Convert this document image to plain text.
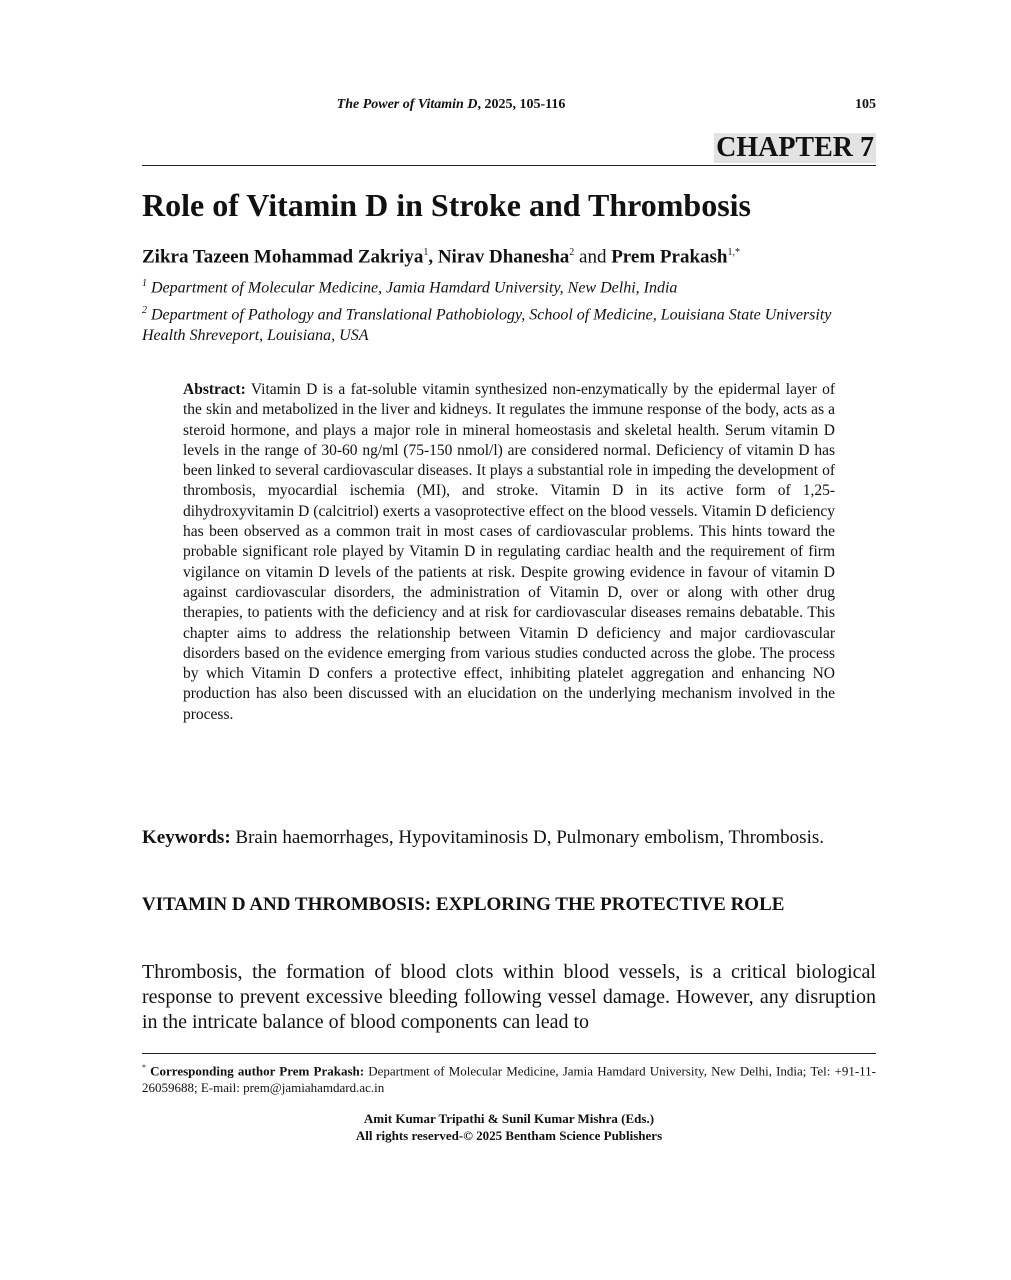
The Power of Vitamin D, 2025, 105-116	105
CHAPTER 7
Role of Vitamin D in Stroke and Thrombosis
Zikra Tazeen Mohammad Zakriya$^1$, Nirav Dhanesha$^2$ and Prem Prakash$^{1,*}$
$^1$ Department of Molecular Medicine, Jamia Hamdard University, New Delhi, India
$^2$ Department of Pathology and Translational Pathobiology, School of Medicine, Louisiana State University Health Shreveport, Louisiana, USA

Abstract: Vitamin D is a fat-soluble vitamin synthesized non-enzymatically by the epidermal layer of the skin and metabolized in the liver and kidneys. It regulates the immune response of the body, acts as a steroid hormone, and plays a major role in mineral homeostasis and skeletal health. Serum vitamin D levels in the range of 30-60 ng/ml (75-150 nmol/l) are considered normal. Deficiency of vitamin D has been linked to several cardiovascular diseases. It plays a substantial role in impeding the development of thrombosis, myocardial ischemia (MI), and stroke. Vitamin D in its active form of 1,25-dihydroxyvitamin D (calcitriol) exerts a vasoprotective effect on the blood vessels. Vitamin D deficiency has been observed as a common trait in most cases of cardiovascular problems. This hints toward the probable significant role played by Vitamin D in regulating cardiac health and the requirement of firm vigilance on vitamin D levels of the patients at risk. Despite growing evidence in favour of vitamin D against cardiovascular disorders, the administration of Vitamin D, over or along with other drug therapies, to patients with the deficiency and at risk for cardiovascular diseases remains debatable. This chapter aims to address the relationship between Vitamin D deficiency and major cardiovascular disorders based on the evidence emerging from various studies conducted across the globe. The process by which Vitamin D confers a protective effect, inhibiting platelet aggregation and enhancing NO production has also been discussed with an elucidation on the underlying mechanism involved in the process.

Keywords: Brain haemorrhages, Hypovitaminosis D, Pulmonary embolism, Thrombosis.

VITAMIN D AND THROMBOSIS: EXPLORING THE PROTECTIVE ROLE

Thrombosis, the formation of blood clots within blood vessels, is a critical biological response to prevent excessive bleeding following vessel damage. However, any disruption in the intricate balance of blood components can lead to

* Corresponding author Prem Prakash: Department of Molecular Medicine, Jamia Hamdard University, New Delhi, India; Tel: +91-11-26059688; E-mail: prem@jamiahamdard.ac.in

Amit Kumar Tripathi & Sunil Kumar Mishra (Eds.)
All rights reserved-© 2025 Bentham Science Publishers
